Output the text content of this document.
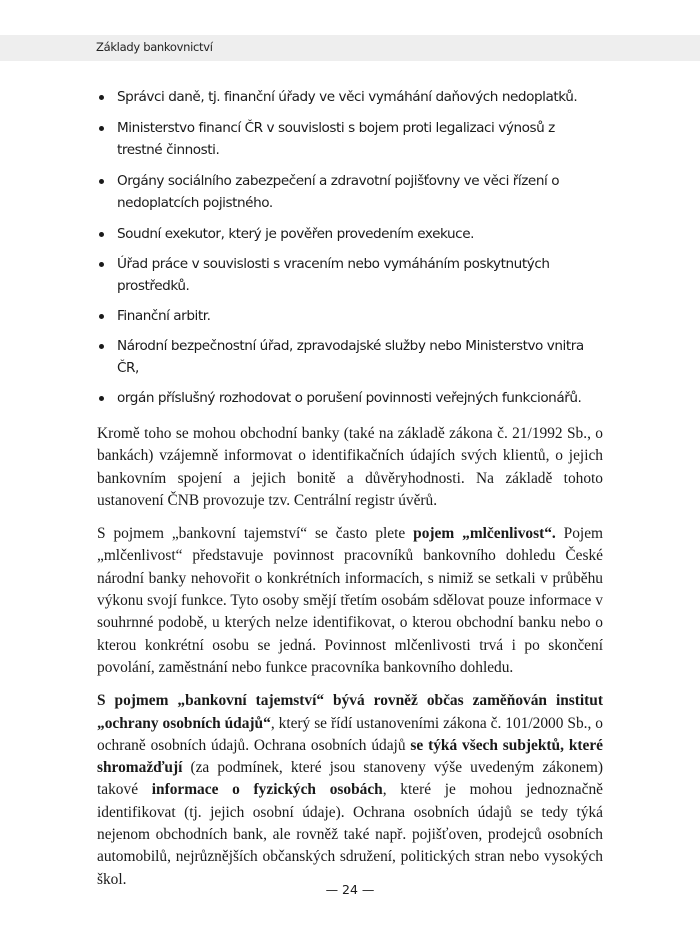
Základy bankovnictví
Správci daně, tj. finanční úřady ve věci vymáhání daňových nedoplatků.
Ministerstvo financí ČR v souvislosti s bojem proti legalizaci výnosů z trestné činnosti.
Orgány sociálního zabezpečení a zdravotní pojišťovny ve věci řízení o nedoplatcích pojistného.
Soudní exekutor, který je pověřen provedením exekuce.
Úřad práce v souvislosti s vracením nebo vymáháním poskytnutých prostředků.
Finanční arbitr.
Národní bezpečnostní úřad, zpravodajské služby nebo Ministerstvo vnitra ČR,
orgán příslušný rozhodovat o porušení povinnosti veřejných funkcionářů.

Kromě toho se mohou obchodní banky (také na základě zákona č. 21/1992 Sb., o bankách) vzájemně informovat o identifikačních údajích svých klientů, o jejich bankovním spojení a jejich bonitě a důvěryhodnosti. Na základě tohoto ustanovení ČNB provozuje tzv. Centrální registr úvěrů.

S pojmem „bankovní tajemství“ se často plete pojem „mlčenlivost“. Pojem „mlčenlivost“ představuje povinnost pracovníků bankovního dohledu České národní banky nehovořit o konkrétních informacích, s nimiž se setkali v průběhu výkonu svojí funkce. Tyto osoby smějí třetím osobám sdělovat pouze informace v souhrnné podobě, u kterých nelze identifikovat, o kterou obchodní banku nebo o kterou konkrétní osobu se jedná. Povinnost mlčenlivosti trvá i po skončení povolání, zaměstnání nebo funkce pracovníka bankovního dohledu.

S pojmem „bankovní tajemství“ bývá rovněž občas zaměňován institut „ochrany osobních údajů“, který se řídí ustanoveními zákona č. 101/2000 Sb., o ochraně osobních údajů. Ochrana osobních údajů se týká všech subjektů, které shromažďují (za podmínek, které jsou stanoveny výše uvedeným zákonem) takové informace o fyzických osobách, které je mohou jednoznačně identifikovat (tj. jejich osobní údaje). Ochrana osobních údajů se tedy týká nejenom obchodních bank, ale rovněž také např. pojišťoven, prodejců osobních automobilů, nejrůznějších občanských sdružení, politických stran nebo vysokých škol.

— 24 —
